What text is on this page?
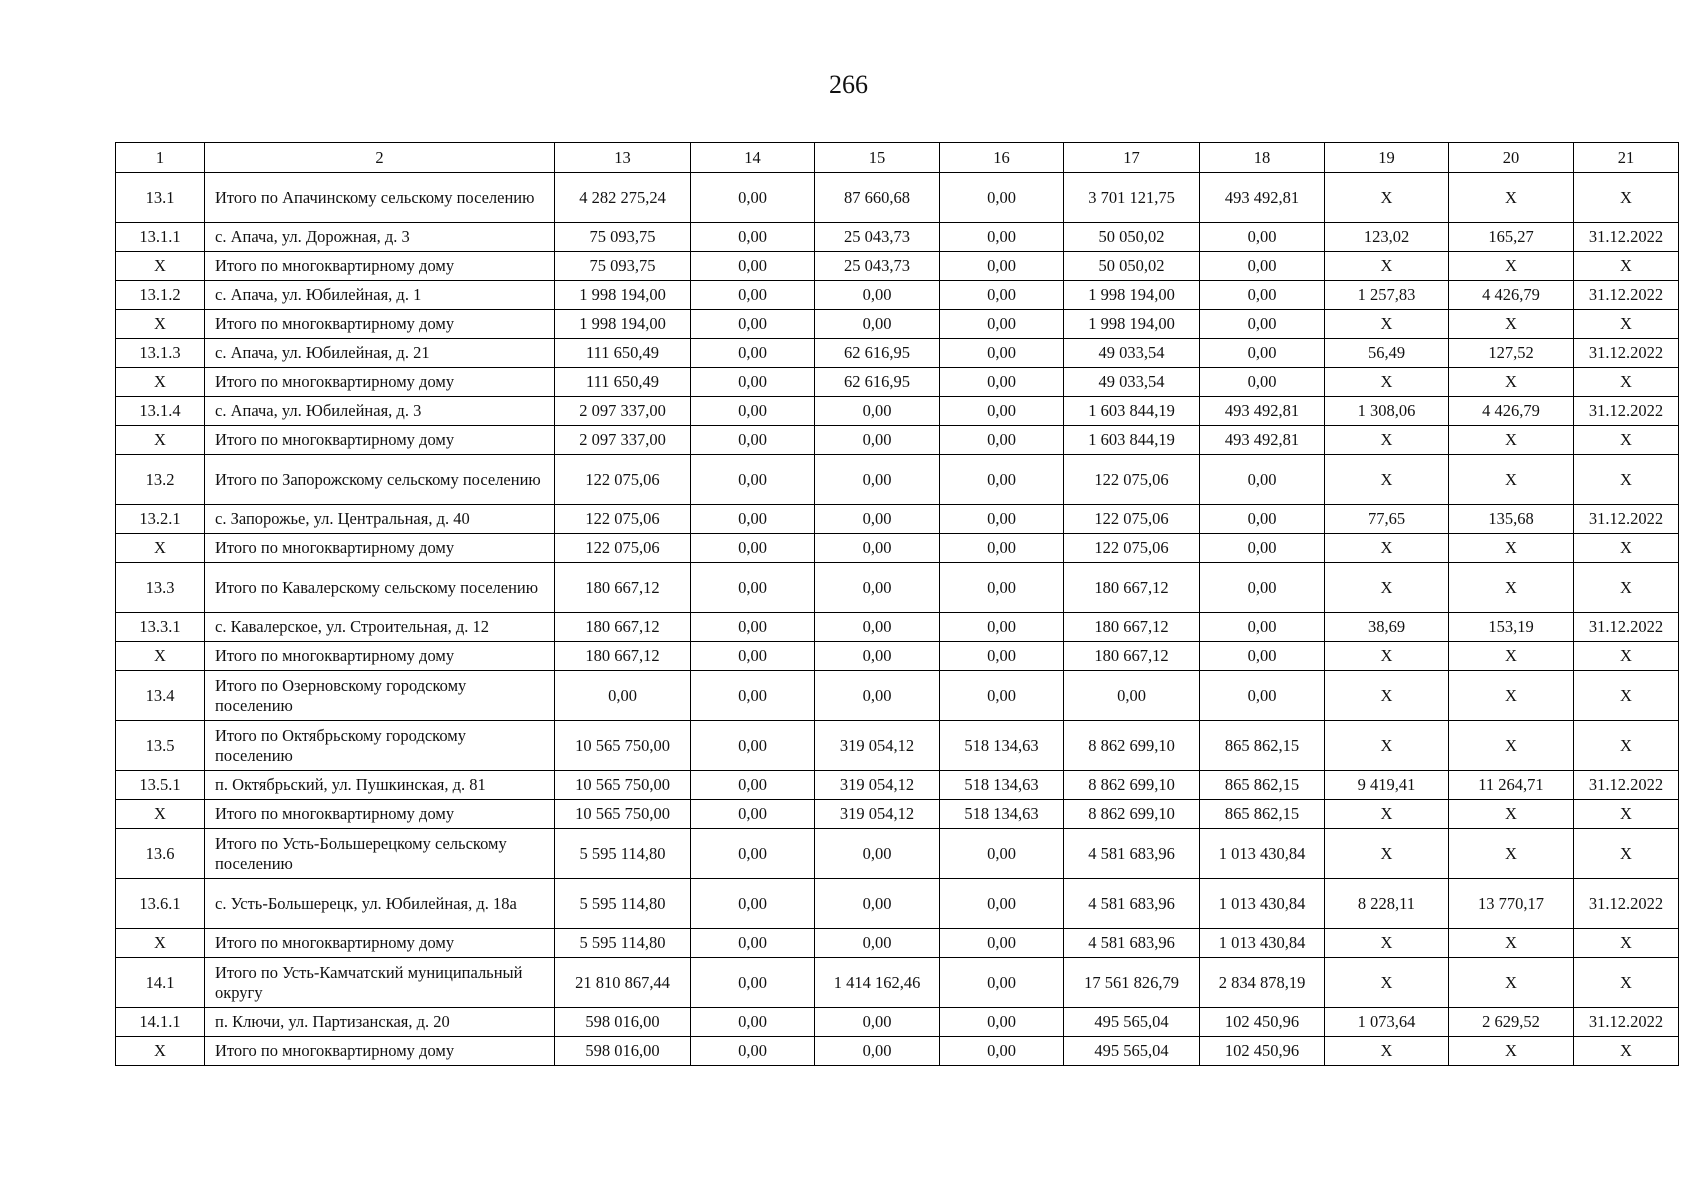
266
1	2	13	14	15	16	17	18	19	20	21
13.1	Итого по Апачинскому сельскому поселению	4 282 275,24	0,00	87 660,68	0,00	3 701 121,75	493 492,81	X	X	X
13.1.1	с. Апача, ул. Дорожная, д. 3	75 093,75	0,00	25 043,73	0,00	50 050,02	0,00	123,02	165,27	31.12.2022
X	Итого по многоквартирному дому	75 093,75	0,00	25 043,73	0,00	50 050,02	0,00	X	X	X
13.1.2	с. Апача, ул. Юбилейная, д. 1	1 998 194,00	0,00	0,00	0,00	1 998 194,00	0,00	1 257,83	4 426,79	31.12.2022
X	Итого по многоквартирному дому	1 998 194,00	0,00	0,00	0,00	1 998 194,00	0,00	X	X	X
13.1.3	с. Апача, ул. Юбилейная, д. 21	111 650,49	0,00	62 616,95	0,00	49 033,54	0,00	56,49	127,52	31.12.2022
X	Итого по многоквартирному дому	111 650,49	0,00	62 616,95	0,00	49 033,54	0,00	X	X	X
13.1.4	с. Апача, ул. Юбилейная, д. 3	2 097 337,00	0,00	0,00	0,00	1 603 844,19	493 492,81	1 308,06	4 426,79	31.12.2022
X	Итого по многоквартирному дому	2 097 337,00	0,00	0,00	0,00	1 603 844,19	493 492,81	X	X	X
13.2	Итого по Запорожскому сельскому поселению	122 075,06	0,00	0,00	0,00	122 075,06	0,00	X	X	X
13.2.1	с. Запорожье, ул. Центральная, д. 40	122 075,06	0,00	0,00	0,00	122 075,06	0,00	77,65	135,68	31.12.2022
X	Итого по многоквартирному дому	122 075,06	0,00	0,00	0,00	122 075,06	0,00	X	X	X
13.3	Итого по Кавалерскому сельскому поселению	180 667,12	0,00	0,00	0,00	180 667,12	0,00	X	X	X
13.3.1	с. Кавалерское, ул. Строительная, д. 12	180 667,12	0,00	0,00	0,00	180 667,12	0,00	38,69	153,19	31.12.2022
X	Итого по многоквартирному дому	180 667,12	0,00	0,00	0,00	180 667,12	0,00	X	X	X
13.4	Итого по Озерновскому городскому поселению	0,00	0,00	0,00	0,00	0,00	0,00	X	X	X
13.5	Итого по Октябрьскому городскому поселению	10 565 750,00	0,00	319 054,12	518 134,63	8 862 699,10	865 862,15	X	X	X
13.5.1	п. Октябрьский, ул. Пушкинская, д. 81	10 565 750,00	0,00	319 054,12	518 134,63	8 862 699,10	865 862,15	9 419,41	11 264,71	31.12.2022
X	Итого по многоквартирному дому	10 565 750,00	0,00	319 054,12	518 134,63	8 862 699,10	865 862,15	X	X	X
13.6	Итого по Усть-Большерецкому сельскому поселению	5 595 114,80	0,00	0,00	0,00	4 581 683,96	1 013 430,84	X	X	X
13.6.1	с. Усть-Большерецк, ул. Юбилейная, д. 18а	5 595 114,80	0,00	0,00	0,00	4 581 683,96	1 013 430,84	8 228,11	13 770,17	31.12.2022
X	Итого по многоквартирному дому	5 595 114,80	0,00	0,00	0,00	4 581 683,96	1 013 430,84	X	X	X
14.1	Итого по Усть-Камчатский муниципальный округу	21 810 867,44	0,00	1 414 162,46	0,00	17 561 826,79	2 834 878,19	X	X	X
14.1.1	п. Ключи, ул. Партизанская, д. 20	598 016,00	0,00	0,00	0,00	495 565,04	102 450,96	1 073,64	2 629,52	31.12.2022
X	Итого по многоквартирному дому	598 016,00	0,00	0,00	0,00	495 565,04	102 450,96	X	X	X
